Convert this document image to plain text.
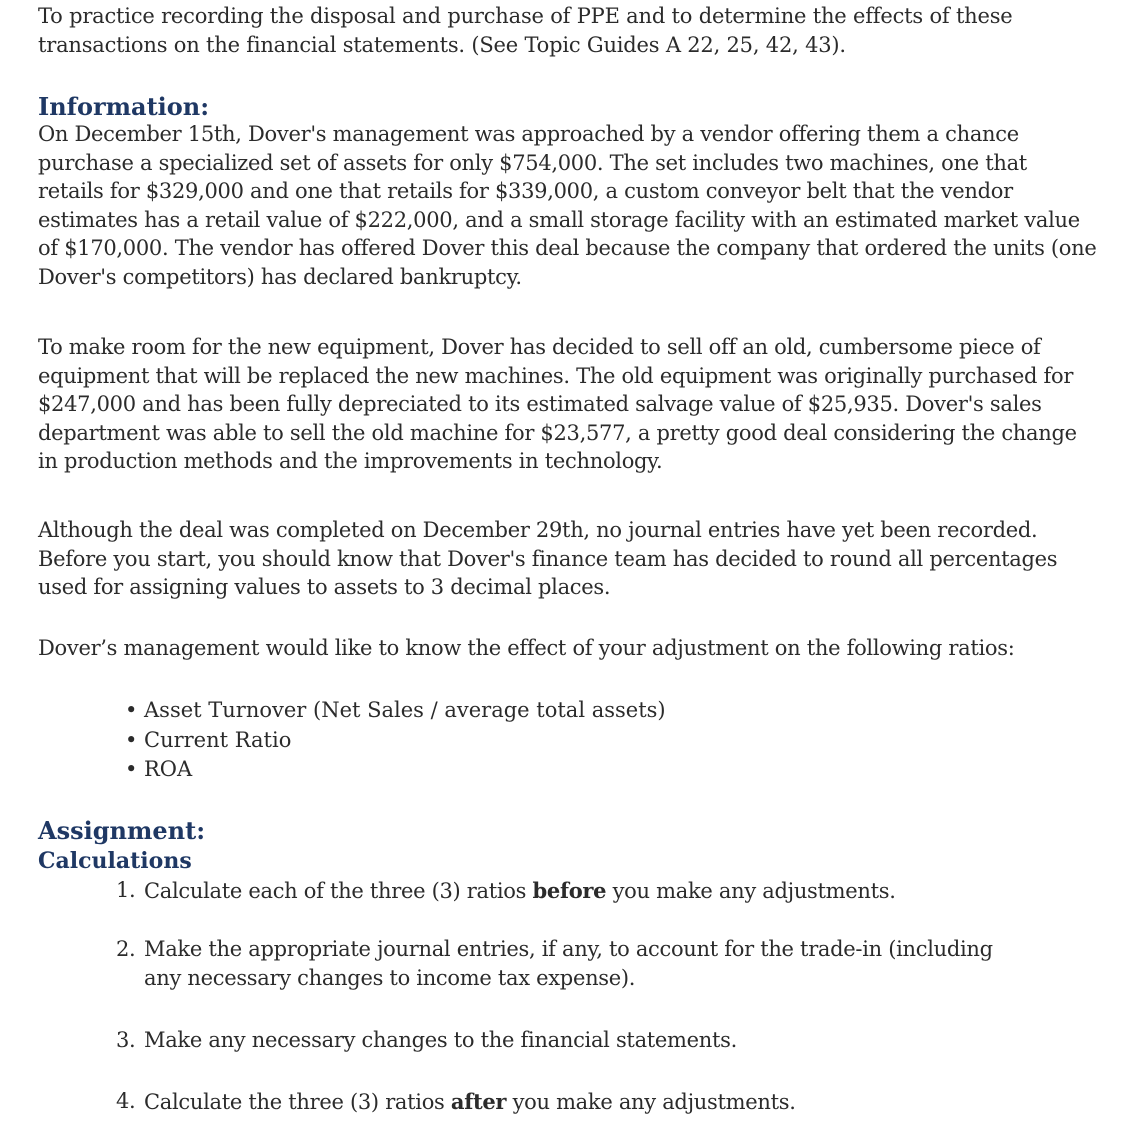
To practice recording the disposal and purchase of PPE and to determine the effects of these
transactions on the financial statements. (See Topic Guides A 22, 25, 42, 43).

Information:

On December 15th, Dover's management was approached by a vendor offering them a chance purchase a specialized set of assets for only $754,000. The set includes two machines, one that retails for $329,000 and one that retails for $339,000, a custom conveyor belt that the vendor estimates has a retail value of $222,000, and a small storage facility with an estimated market value of $170,000. The vendor has offered Dover this deal because the company that ordered the units (one Dover's competitors) has declared bankruptcy.

To make room for the new equipment, Dover has decided to sell off an old, cumbersome piece of equipment that will be replaced the new machines. The old equipment was originally purchased for $247,000 and has been fully depreciated to its estimated salvage value of $25,935. Dover's sales department was able to sell the old machine for $23,577, a pretty good deal considering the change in production methods and the improvements in technology.

Although the deal was completed on December 29th, no journal entries have yet been recorded. Before you start, you should know that Dover's finance team has decided to round all percentages used for assigning values to assets to 3 decimal places.

Dover’s management would like to know the effect of your adjustment on the following ratios:

• Asset Turnover (Net Sales / average total assets)
• Current Ratio
• ROA
Assignment:
Calculations
1. Calculate each of the three (3) ratios before you make any adjustments.
2. Make the appropriate journal entries, if any, to account for the trade-in (including any necessary changes to income tax expense).
3. Make any necessary changes to the financial statements.
4. Calculate the three (3) ratios after you make any adjustments.
